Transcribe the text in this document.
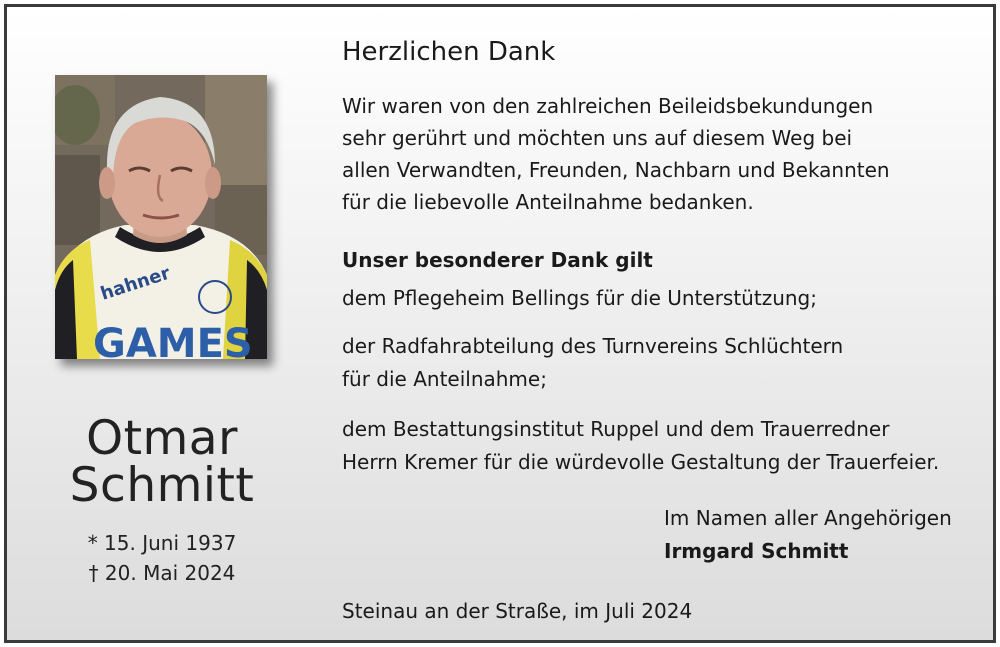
hahner
GAMES
Otmar
Schmitt
* 15. Juni 1937
† 20. Mai 2024
Herzlichen Dank
Wir waren von den zahlreichen Beileidsbekundungen
sehr gerührt und möchten uns auf diesem Weg bei
allen Verwandten, Freunden, Nachbarn und Bekannten
für die liebevolle Anteilnahme bedanken.
Unser besonderer Dank gilt
dem Pflegeheim Bellings für die Unterstützung;
der Radfahrabteilung des Turnvereins Schlüchtern
für die Anteilnahme;
dem Bestattungsinstitut Ruppel und dem Trauerredner
Herrn Kremer für die würdevolle Gestaltung der Trauerfeier.
Im Namen aller Angehörigen
Irmgard Schmitt
Steinau an der Straße, im Juli 2024
